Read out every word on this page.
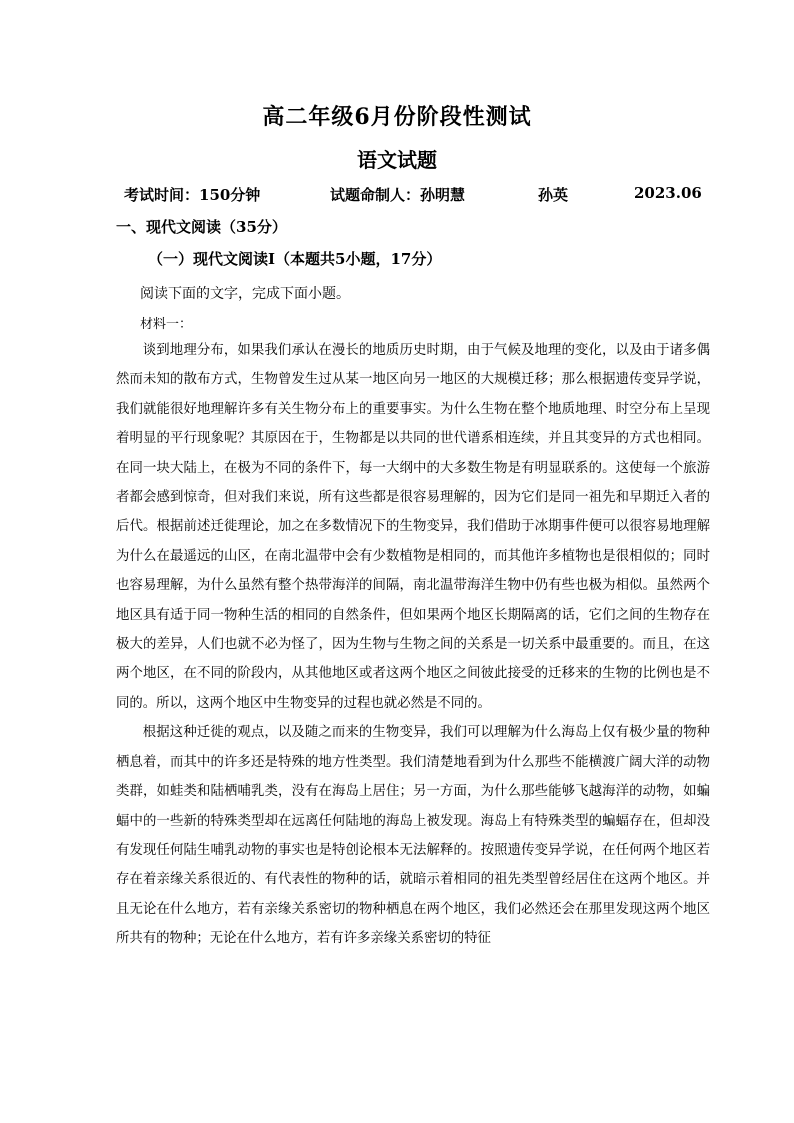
高二年级6月份阶段性测试
语文试题
考试时间：150分钟	试题命制人：孙明慧	孙英	2023.06
一、现代文阅读（35分）
（一）现代文阅读Ⅰ（本题共5小题，17分）
阅读下面的文字，完成下面小题。
材料一：

谈到地理分布，如果我们承认在漫长的地质历史时期，由于气候及地理的变化，以及由于诸多偶然而未知的散布方式，生物曾发生过从某一地区向另一地区的大规模迁移；那么根据遗传变异学说，我们就能很好地理解许多有关生物分布上的重要事实。为什么生物在整个地质地理、时空分布上呈现着明显的平行现象呢？其原因在于，生物都是以共同的世代谱系相连续，并且其变异的方式也相同。在同一块大陆上，在极为不同的条件下，每一大纲中的大多数生物是有明显联系的。这使每一个旅游者都会感到惊奇，但对我们来说，所有这些都是很容易理解的，因为它们是同一祖先和早期迁入者的后代。根据前述迁徙理论，加之在多数情况下的生物变异，我们借助于冰期事件便可以很容易地理解为什么在最遥远的山区，在南北温带中会有少数植物是相同的，而其他许多植物也是很相似的；同时也容易理解，为什么虽然有整个热带海洋的间隔，南北温带海洋生物中仍有些也极为相似。虽然两个地区具有适于同一物种生活的相同的自然条件，但如果两个地区长期隔离的话，它们之间的生物存在极大的差异，人们也就不必为怪了，因为生物与生物之间的关系是一切关系中最重要的。而且，在这两个地区，在不同的阶段内，从其他地区或者这两个地区之间彼此接受的迁移来的生物的比例也是不同的。所以，这两个地区中生物变异的过程也就必然是不同的。

根据这种迁徙的观点，以及随之而来的生物变异，我们可以理解为什么海岛上仅有极少量的物种栖息着，而其中的许多还是特殊的地方性类型。我们清楚地看到为什么那些不能横渡广阔大洋的动物类群，如蛙类和陆栖哺乳类，没有在海岛上居住；另一方面，为什么那些能够飞越海洋的动物，如蝙蝠中的一些新的特殊类型却在远离任何陆地的海岛上被发现。海岛上有特殊类型的蝙蝠存在，但却没有发现任何陆生哺乳动物的事实也是特创论根本无法解释的。按照遗传变异学说，在任何两个地区若存在着亲缘关系很近的、有代表性的物种的话，就暗示着相同的祖先类型曾经居住在这两个地区。并且无论在什么地方，若有亲缘关系密切的物种栖息在两个地区，我们必然还会在那里发现这两个地区所共有的物种；无论在什么地方，若有许多亲缘关系密切的特征
